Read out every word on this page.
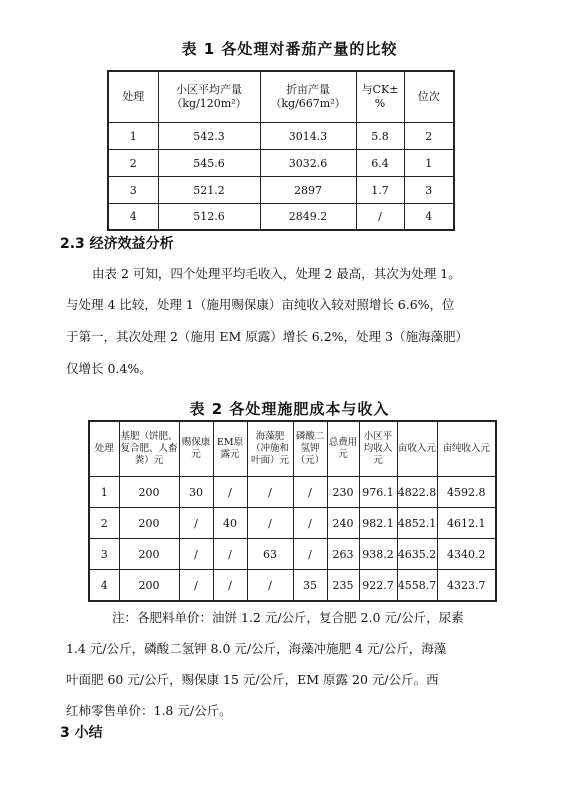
表 1 各处理对番茄产量的比较
处理	小区平均产量（kg/120m²）	折亩产量（kg/667m²）	与CK±%	位次
1	542.3	3014.3	5.8	2
2	545.6	3032.6	6.4	1
3	521.2	2897	1.7	3
4	512.6	2849.2	/	4
2.3 经济效益分析
由表 2 可知，四个处理平均毛收入，处理 2 最高，其次为处理 1。
与处理 4 比较，处理 1（施用赐保康）亩纯收入较对照增长 6.6%，位
于第一，其次处理 2（施用 EM 原露）增长 6.2%，处理 3（施海藻肥）
仅增长 0.4%。
表 2 各处理施肥成本与收入
处理	基肥（饼肥、复合肥、人畜粪）元	赐保康元	EM原露元	海藻肥（冲施和叶面）元	磷酸二氢钾（元）	总费用元	小区平均收入元	亩收入元	亩纯收入元
1	200	30	/	/	/	230	976.1	4822.8	4592.8
2	200	/	40	/	/	240	982.1	4852.1	4612.1
3	200	/	/	63	/	263	938.2	4635.2	4340.2
4	200	/	/	/	35	235	922.7	4558.7	4323.7
注：各肥料单价：油饼 1.2 元/公斤，复合肥 2.0 元/公斤，尿素
1.4 元/公斤，磷酸二氢钾 8.0 元/公斤，海藻冲施肥 4 元/公斤，海藻
叶面肥 60 元/公斤，赐保康 15 元/公斤，EM 原露 20 元/公斤。西
红柿零售单价：1.8 元/公斤。
3 小结
